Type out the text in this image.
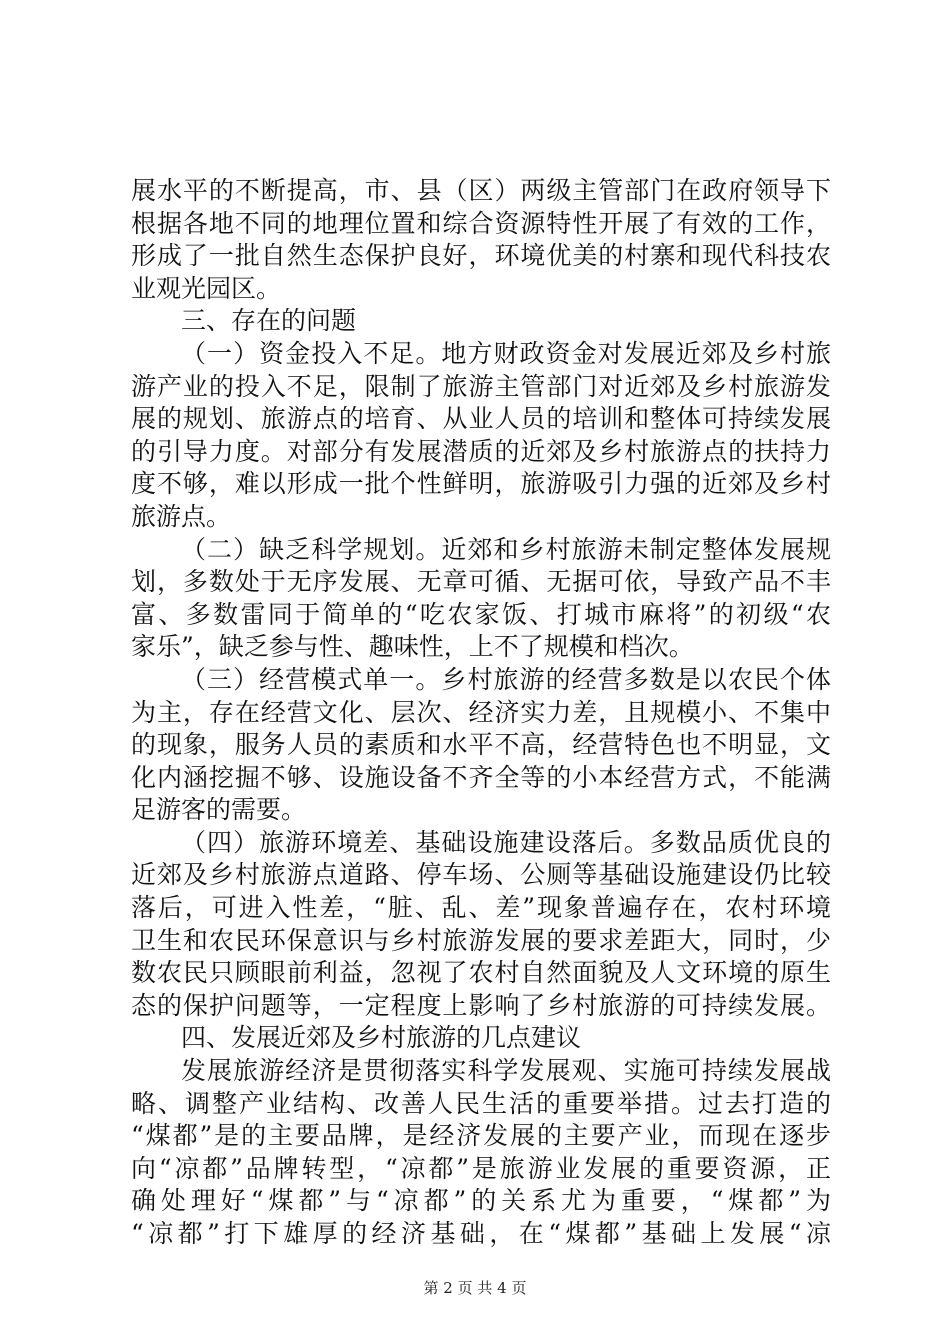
展水平的不断提高，市、县（区）两级主管部门在政府领导下
根据各地不同的地理位置和综合资源特性开展了有效的工作，
形成了一批自然生态保护良好，环境优美的村寨和现代科技农
业观光园区。
三、存在的问题
（一）资金投入不足。地方财政资金对发展近郊及乡村旅
游产业的投入不足，限制了旅游主管部门对近郊及乡村旅游发
展的规划、旅游点的培育、从业人员的培训和整体可持续发展
的引导力度。对部分有发展潜质的近郊及乡村旅游点的扶持力
度不够，难以形成一批个性鲜明，旅游吸引力强的近郊及乡村
旅游点。
（二）缺乏科学规划。近郊和乡村旅游未制定整体发展规
划，多数处于无序发展、无章可循、无据可依，导致产品不丰
富、多数雷同于简单的“吃农家饭、打城市麻将”的初级“农
家乐”，缺乏参与性、趣味性，上不了规模和档次。
（三）经营模式单一。乡村旅游的经营多数是以农民个体
为主，存在经营文化、层次、经济实力差，且规模小、不集中
的现象，服务人员的素质和水平不高，经营特色也不明显，文
化内涵挖掘不够、设施设备不齐全等的小本经营方式，不能满
足游客的需要。
（四）旅游环境差、基础设施建设落后。多数品质优良的
近郊及乡村旅游点道路、停车场、公厕等基础设施建设仍比较
落后，可进入性差，“脏、乱、差”现象普遍存在，农村环境
卫生和农民环保意识与乡村旅游发展的要求差距大，同时，少
数农民只顾眼前利益，忽视了农村自然面貌及人文环境的原生
态的保护问题等，一定程度上影响了乡村旅游的可持续发展。
四、发展近郊及乡村旅游的几点建议
发展旅游经济是贯彻落实科学发展观、实施可持续发展战
略、调整产业结构、改善人民生活的重要举措。过去打造的
“煤都”是的主要品牌，是经济发展的主要产业，而现在逐步
向“凉都”品牌转型，“凉都”是旅游业发展的重要资源，正
确处理好“煤都”与“凉都”的关系尤为重要，“煤都”为
“凉都”打下雄厚的经济基础，在“煤都”基础上发展“凉
第 2 页 共 4 页
